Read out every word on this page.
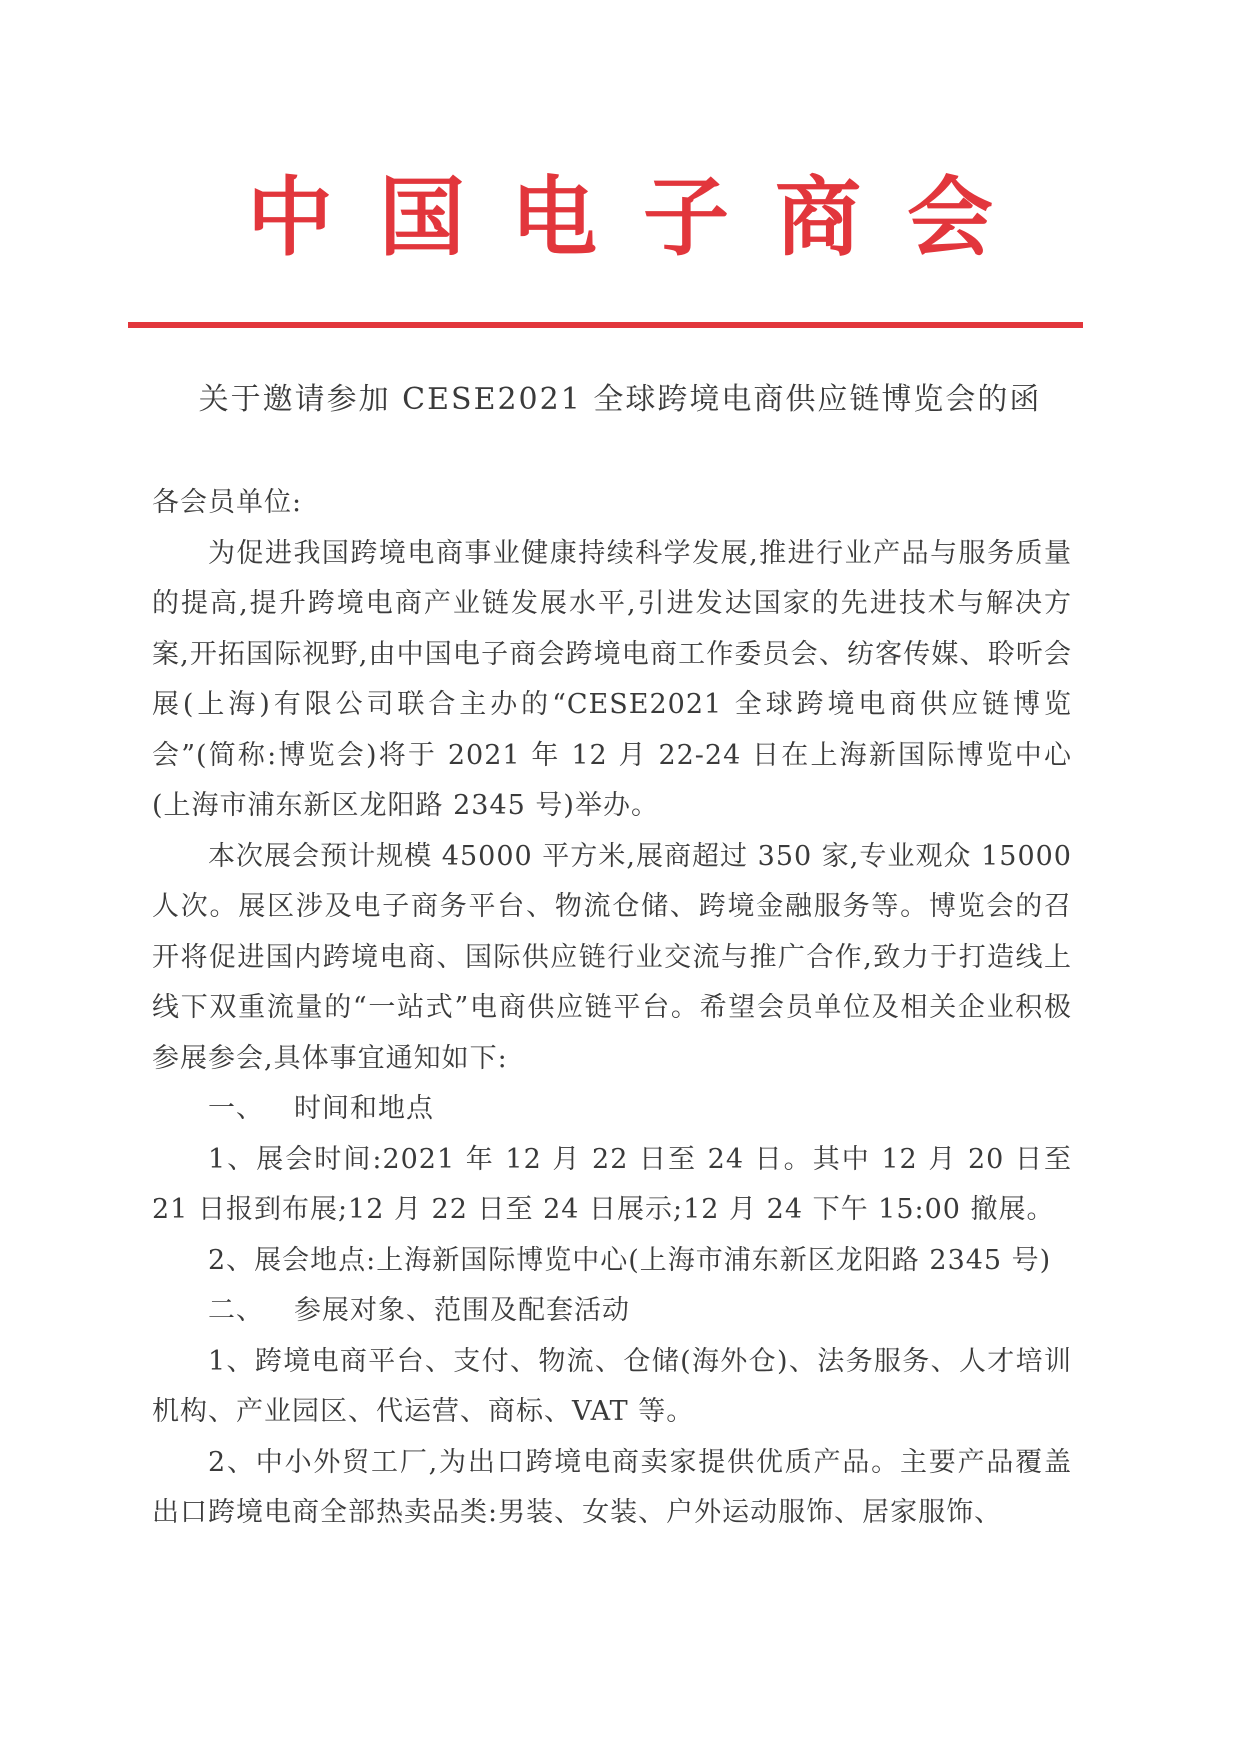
中国电子商会
关于邀请参加 CESE2021 全球跨境电商供应链博览会的函

各会员单位:

为促进我国跨境电商事业健康持续科学发展,推进行业产品与服务质量的提高,提升跨境电商产业链发展水平,引进发达国家的先进技术与解决方案,开拓国际视野,由中国电子商会跨境电商工作委员会、纺客传媒、聆听会展(上海)有限公司联合主办的“CESE2021 全球跨境电商供应链博览会”(简称:博览会)将于 2021 年 12 月 22-24 日在上海新国际博览中心(上海市浦东新区龙阳路 2345 号)举办。

本次展会预计规模 45000 平方米,展商超过 350 家,专业观众 15000 人次。展区涉及电子商务平台、物流仓储、跨境金融服务等。博览会的召开将促进国内跨境电商、国际供应链行业交流与推广合作,致力于打造线上线下双重流量的“一站式”电商供应链平台。希望会员单位及相关企业积极参展参会,具体事宜通知如下:

一、 时间和地点

1、展会时间:2021 年 12 月 22 日至 24 日。其中 12 月 20 日至 21 日报到布展;12 月 22 日至 24 日展示;12 月 24 下午 15:00 撤展。

2、展会地点:上海新国际博览中心(上海市浦东新区龙阳路 2345 号)

二、 参展对象、范围及配套活动

1、跨境电商平台、支付、物流、仓储(海外仓)、法务服务、人才培训机构、产业园区、代运营、商标、VAT 等。

2、中小外贸工厂,为出口跨境电商卖家提供优质产品。主要产品覆盖出口跨境电商全部热卖品类:男装、女装、户外运动服饰、居家服饰、
